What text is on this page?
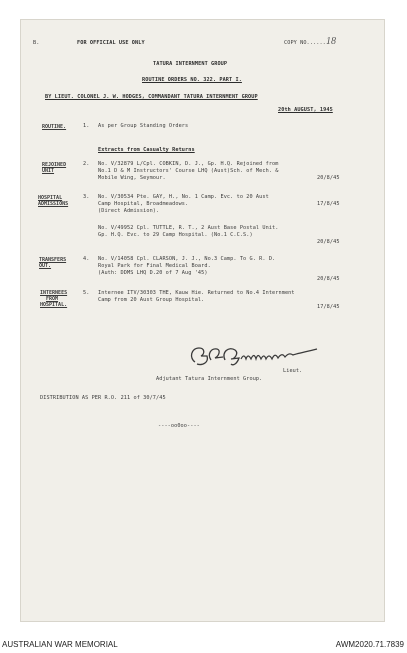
B.	FOR OFFICIAL USE ONLY	COPY NO.......
18
TATURA INTERNMENT GROUP
ROUTINE ORDERS NO. 322. PART I.
BY LIEUT. COLONEL J. W. HODGES, COMMANDANT TATURA INTERNMENT GROUP
20th AUGUST, 1945
ROUTINE.	1. As per Group Standing Orders
Extracts from Casualty Returns
REJOINED
UNIT
2. No. V/32879 L/Cpl. COBKIN, D. J., Gp. H.Q. Rejoined from
No.1 D & M Instructors' Course LHQ (Aust)Sch. of Mech. &
Mobile Wing, Seymour.	20/8/45
HOSPITAL
ADMISSIONS
3. No. V/30534 Pte. GAY, H., No. 1 Camp. Evc. to 20 Aust
Camp Hospital, Broadmeadows.
(Direct Admission).
17/8/45
No. V/49952 Cpl. TUTTLE, R. T., 2 Aust Base Postal Unit.
Gp. H.Q. Evc. to 29 Camp Hospital. (No.1 C.C.S.)
20/8/45
TRANSFERS
OUT.
4. No. V/14058 Cpl. CLARSON, J. J., No.3 Camp. To G. R. D.
Royal Park for Final Medical Board.
(Auth: DDMS LHQ D.20 of 7 Aug '45)
20/8/45
INTERNEES
FROM
HOSPITAL.
5. Internee ITV/30303 THE, Kauw Hie. Returned to No.4 Internment
Camp from 20 Aust Group Hospital.
17/8/45
Lieut.
Adjutant Tatura Internment Group.
DISTRIBUTION AS PER R.O. 211 of 30/7/45
----oo0oo----
AUSTRALIAN WAR MEMORIAL	AWM2020.71.7839
